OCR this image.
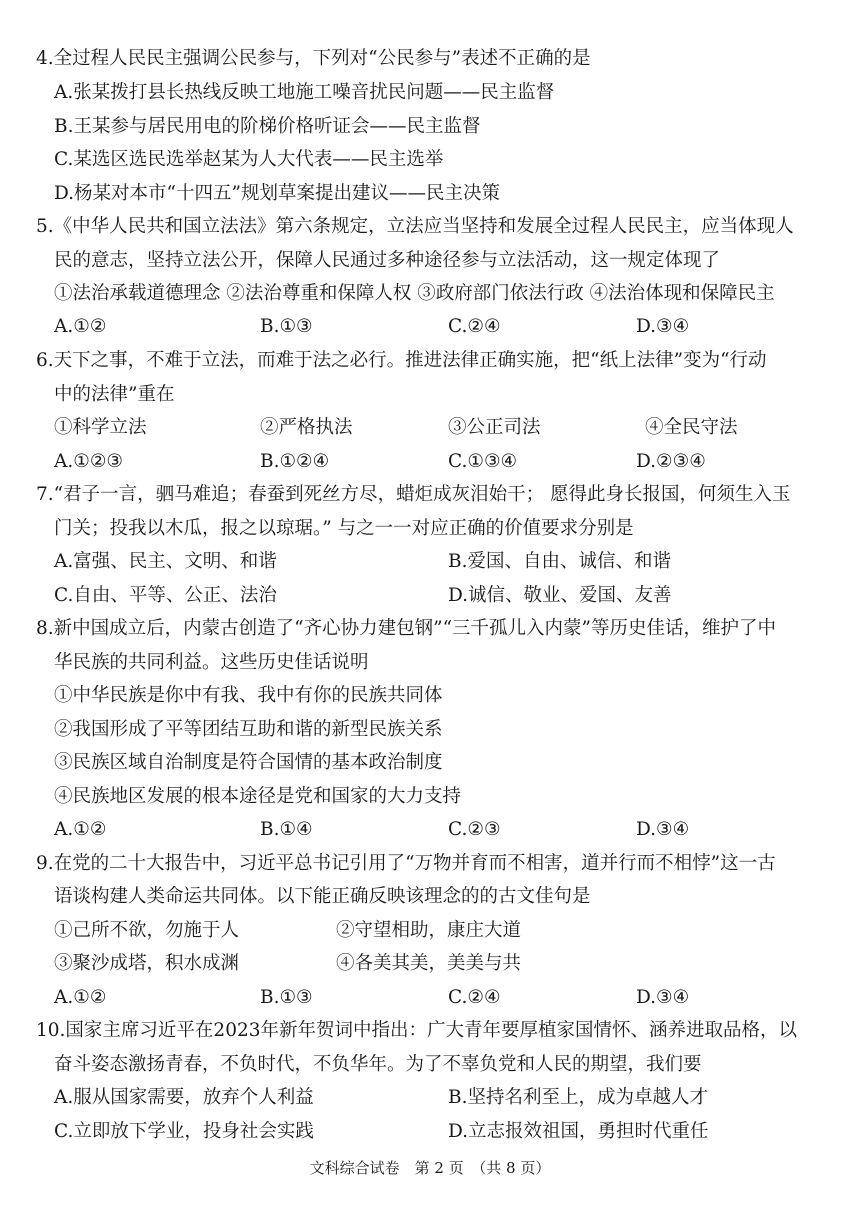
4.全过程人民民主强调公民参与，下列对“公民参与”表述不正确的是
A.张某拨打县长热线反映工地施工噪音扰民问题——民主监督
B.王某参与居民用电的阶梯价格听证会——民主监督
C.某选区选民选举赵某为人大代表——民主选举
D.杨某对本市“十四五”规划草案提出建议——民主决策
5.《中华人民共和国立法法》第六条规定，立法应当坚持和发展全过程人民民主，应当体现人
民的意志，坚持立法公开，保障人民通过多种途径参与立法活动，这一规定体现了
①法治承载道德理念 ②法治尊重和保障人权 ③政府部门依法行政 ④法治体现和保障民主
A.①②	B.①③	C.②④	D.③④
6.天下之事，不难于立法，而难于法之必行。推进法律正确实施，把“纸上法律”变为“行动
中的法律”重在
①科学立法	②严格执法	③公正司法	④全民守法
A.①②③	B.①②④	C.①③④	D.②③④
7.“君子一言，驷马难追；春蚕到死丝方尽，蜡炬成灰泪始干； 愿得此身长报国，何须生入玉
门关；投我以木瓜，报之以琼琚。” 与之一一对应正确的价值要求分别是
A.富强、民主、文明、和谐	B.爱国、自由、诚信、和谐
C.自由、平等、公正、法治	D.诚信、敬业、爱国、友善
8.新中国成立后，内蒙古创造了“齐心协力建包钢”“三千孤儿入内蒙”等历史佳话，维护了中
华民族的共同利益。这些历史佳话说明
①中华民族是你中有我、我中有你的民族共同体
②我国形成了平等团结互助和谐的新型民族关系
③民族区域自治制度是符合国情的基本政治制度
④民族地区发展的根本途径是党和国家的大力支持
A.①②	B.①④	C.②③	D.③④
9.在党的二十大报告中，习近平总书记引用了“万物并育而不相害，道并行而不相悖”这一古
语谈构建人类命运共同体。以下能正确反映该理念的的古文佳句是
①己所不欲，勿施于人	②守望相助，康庄大道
③聚沙成塔，积水成渊	④各美其美，美美与共
A.①②	B.①③	C.②④	D.③④
10.国家主席习近平在2023年新年贺词中指出：广大青年要厚植家国情怀、涵养进取品格，以
奋斗姿态激扬青春，不负时代，不负华年。为了不辜负党和人民的期望，我们要
A.服从国家需要，放弃个人利益	B.坚持名利至上，成为卓越人才
C.立即放下学业，投身社会实践	D.立志报效祖国，勇担时代重任
文科综合试卷　第 2 页　（共 8 页）
